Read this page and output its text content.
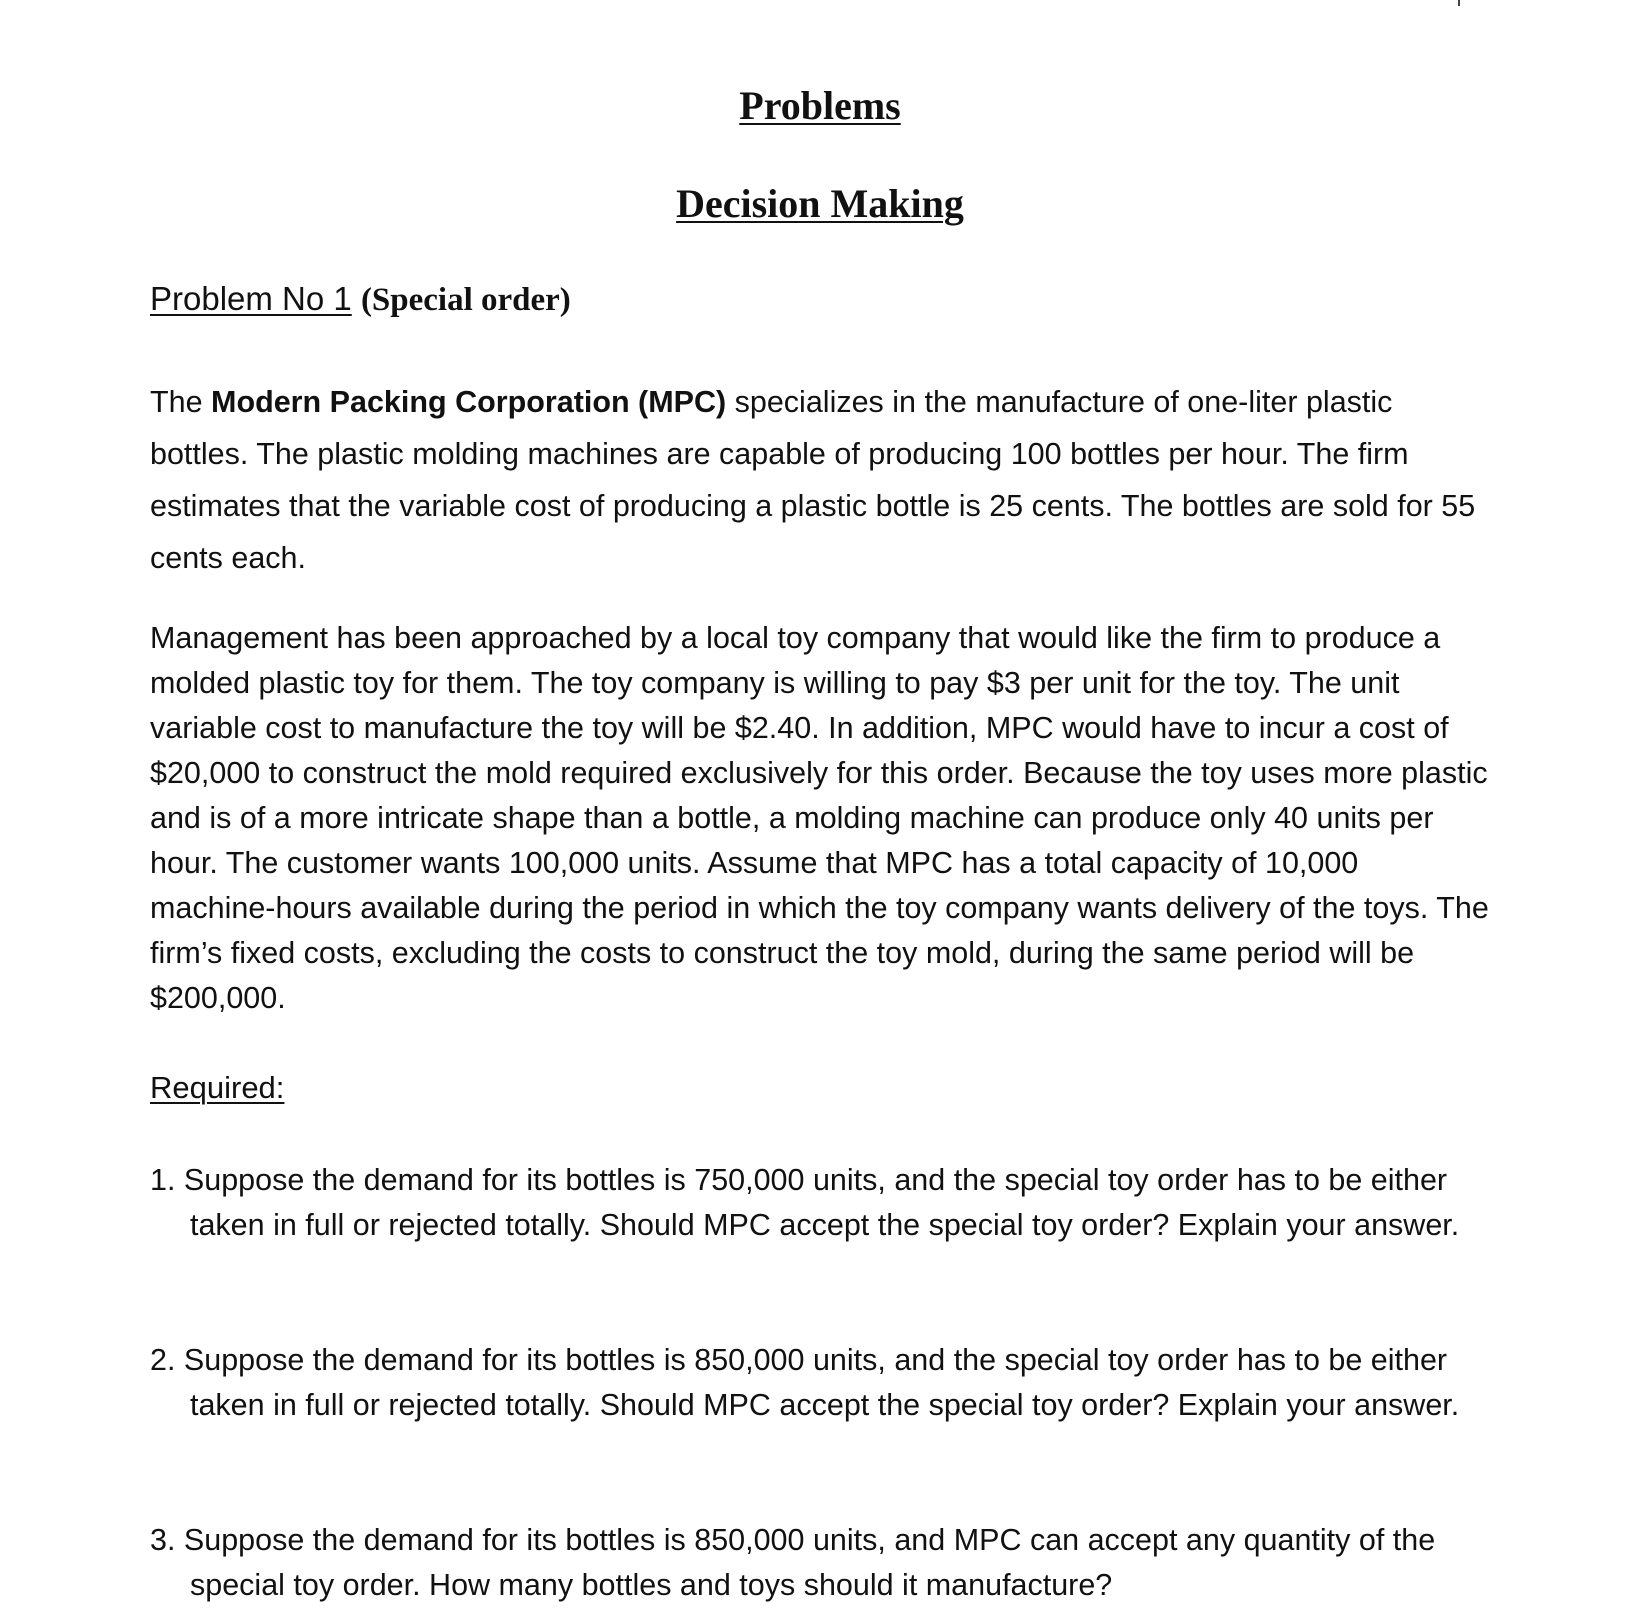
Problems
Decision Making
Problem No 1 (Special order)

The Modern Packing Corporation (MPC) specializes in the manufacture of one-liter plastic bottles. The plastic molding machines are capable of producing 100 bottles per hour. The firm estimates that the variable cost of producing a plastic bottle is 25 cents. The bottles are sold for 55 cents each.

Management has been approached by a local toy company that would like the firm to produce a molded plastic toy for them. The toy company is willing to pay $3 per unit for the toy. The unit variable cost to manufacture the toy will be $2.40. In addition, MPC would have to incur a cost of $20,000 to construct the mold required exclusively for this order. Because the toy uses more plastic and is of a more intricate shape than a bottle, a molding machine can produce only 40 units per hour. The customer wants 100,000 units. Assume that MPC has a total capacity of 10,000 machine-hours available during the period in which the toy company wants delivery of the toys. The firm’s fixed costs, excluding the costs to construct the toy mold, during the same period will be $200,000.

Required:

1. Suppose the demand for its bottles is 750,000 units, and the special toy order has to be either taken in full or rejected totally. Should MPC accept the special toy order? Explain your answer.
2. Suppose the demand for its bottles is 850,000 units, and the special toy order has to be either taken in full or rejected totally. Should MPC accept the special toy order? Explain your answer.
3. Suppose the demand for its bottles is 850,000 units, and MPC can accept any quantity of the special toy order. How many bottles and toys should it manufacture?
